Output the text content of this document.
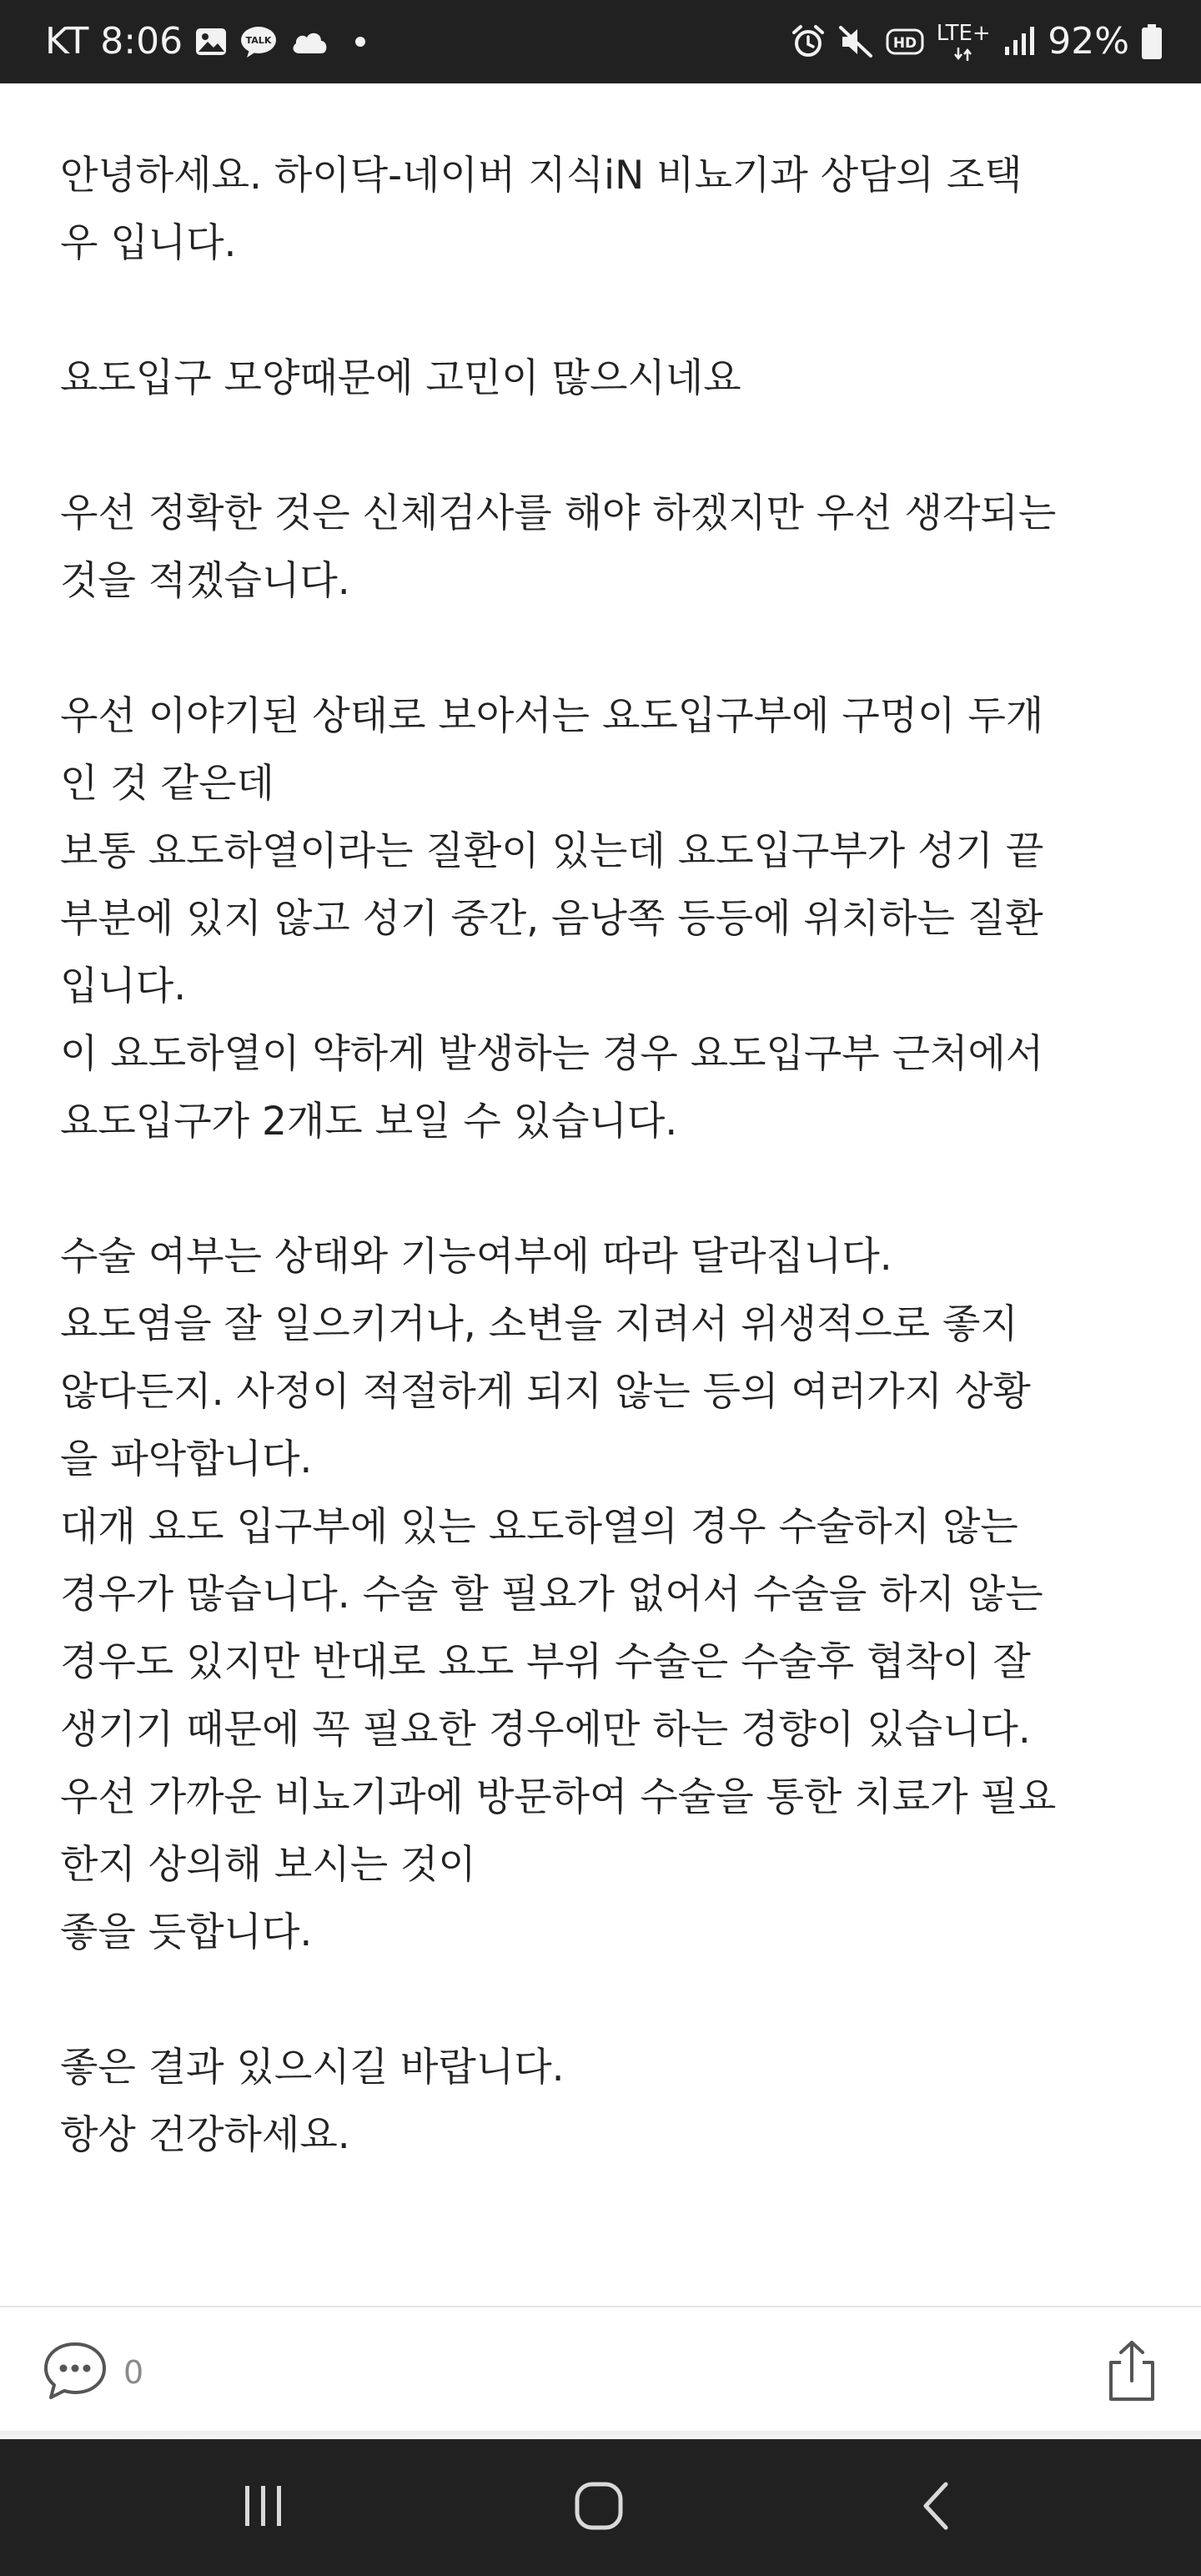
KT 8:06	TALK	HD LTE+ 92%

안녕하세요. 하이닥-네이버 지식iN 비뇨기과 상담의 조택
우 입니다.

요도입구 모양때문에 고민이 많으시네요

우선 정확한 것은 신체검사를 해야 하겠지만 우선 생각되는
것을 적겠습니다.

우선 이야기된 상태로 보아서는 요도입구부에 구멍이 두개
인 것 같은데
보통 요도하열이라는 질환이 있는데 요도입구부가 성기 끝
부분에 있지 않고 성기 중간, 음낭쪽 등등에 위치하는 질환
입니다.
이 요도하열이 약하게 발생하는 경우 요도입구부 근처에서
요도입구가 2개도 보일 수 있습니다.

수술 여부는 상태와 기능여부에 따라 달라집니다.
요도염을 잘 일으키거나, 소변을 지려서 위생적으로 좋지
않다든지. 사정이 적절하게 되지 않는 등의 여러가지 상황
을 파악합니다.
대개 요도 입구부에 있는 요도하열의 경우 수술하지 않는
경우가 많습니다. 수술 할 필요가 없어서 수술을 하지 않는
경우도 있지만 반대로 요도 부위 수술은 수술후 협착이 잘
생기기 때문에 꼭 필요한 경우에만 하는 경향이 있습니다.
우선 가까운 비뇨기과에 방문하여 수술을 통한 치료가 필요
한지 상의해 보시는 것이
좋을 듯합니다.

좋은 결과 있으시길 바랍니다.
항상 건강하세요.

0
